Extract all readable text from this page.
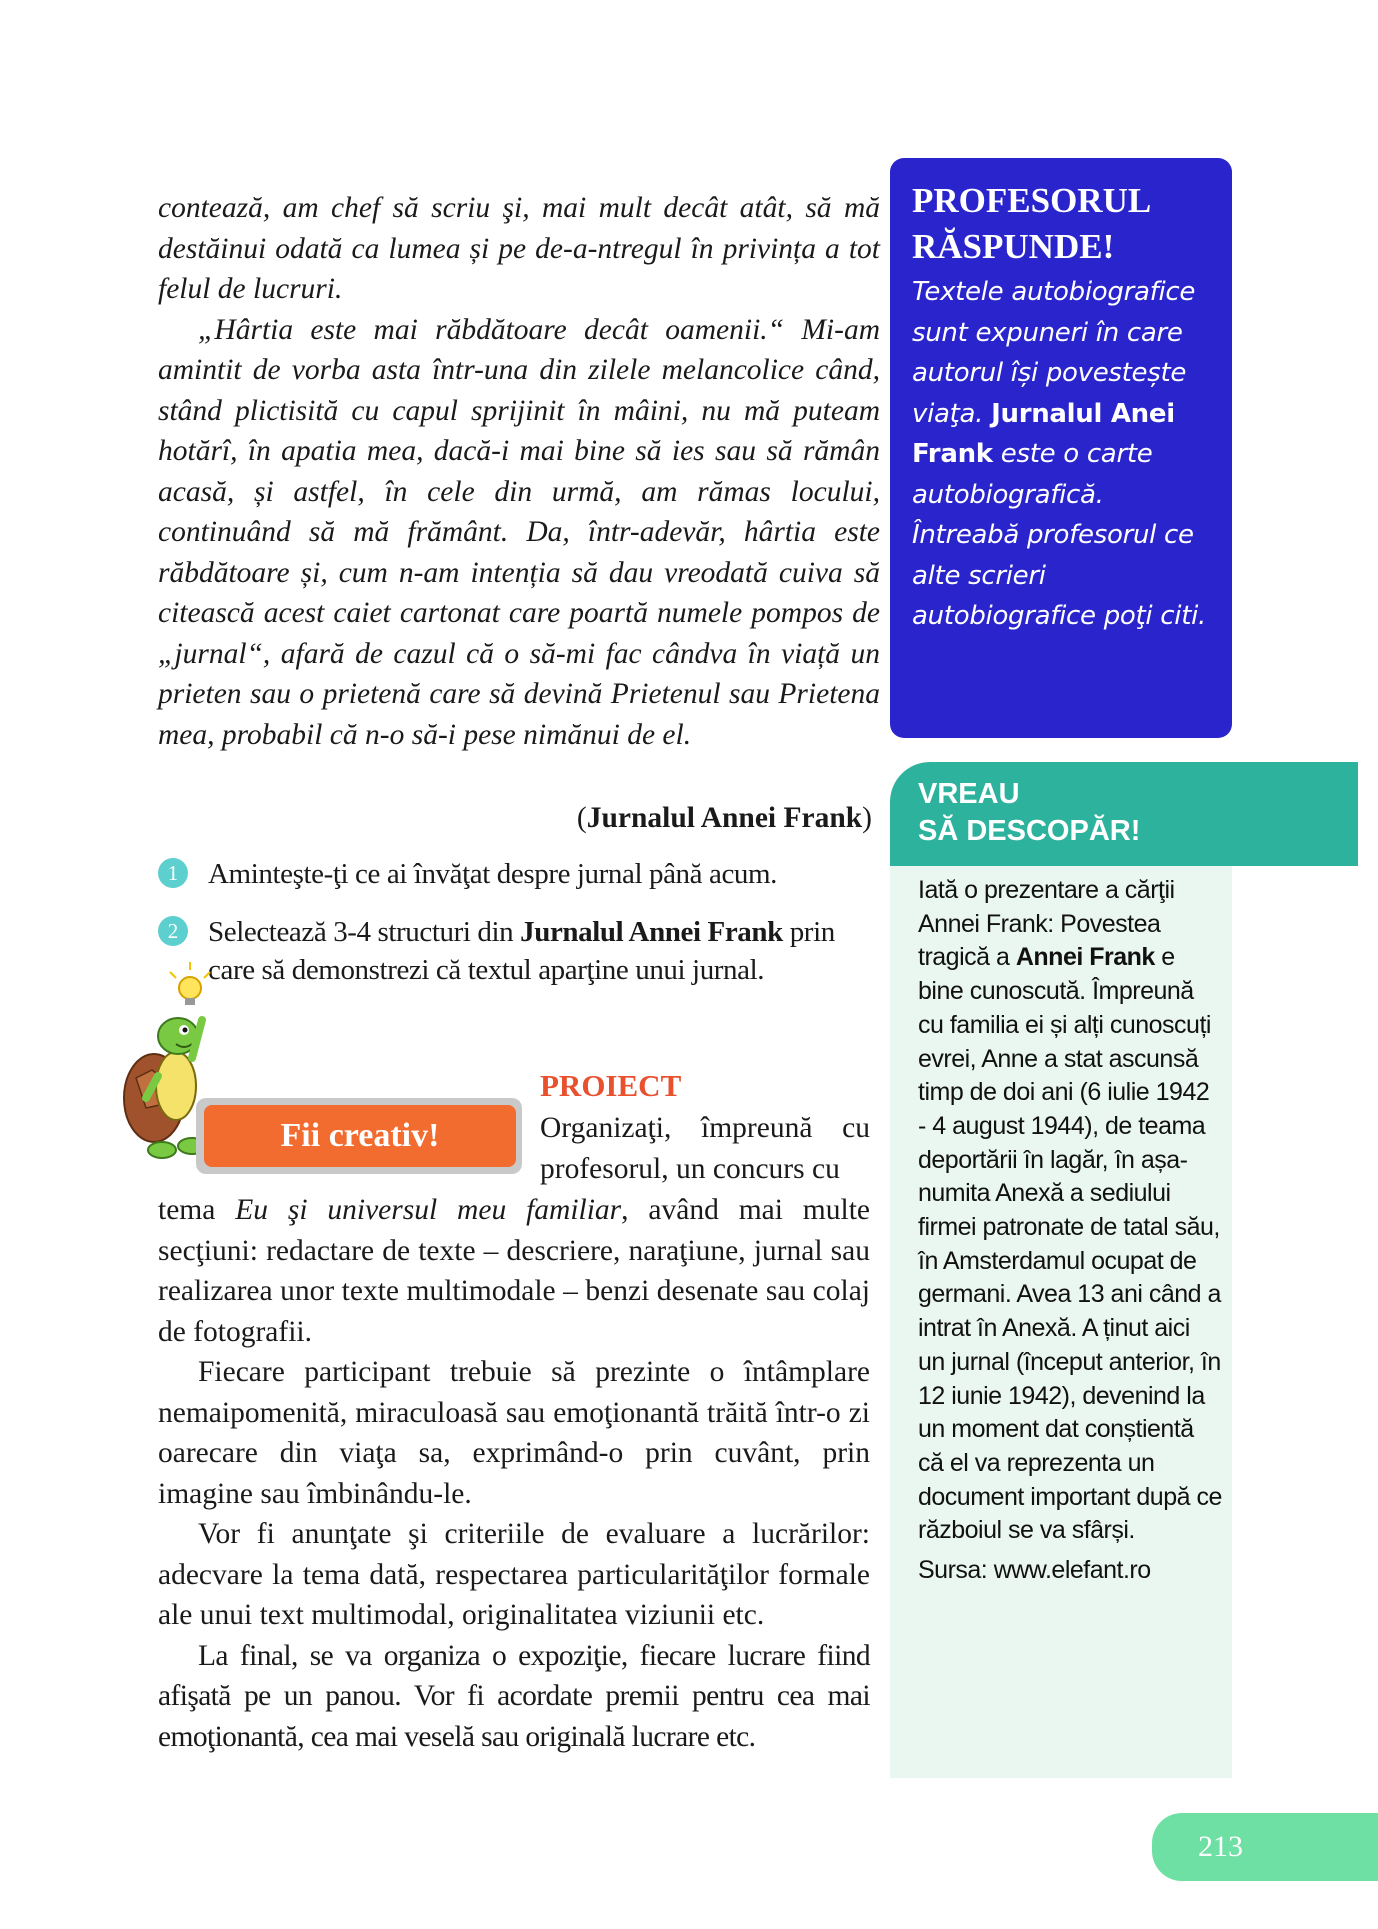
contează, am chef să scriu şi, mai mult decât atât, să mă destăinui odată ca lumea și pe de-a-ntregul în privința a tot felul de lucruri.

„Hârtia este mai răbdătoare decât oamenii.“ Mi-am amintit de vorba asta într-una din zilele melancolice când, stând plictisită cu capul sprijinit în mâini, nu mă puteam hotărî, în apatia mea, dacă-i mai bine să ies sau să rămân acasă, și astfel, în cele din urmă, am rămas locului, continuând să mă frământ. Da, într-adevăr, hârtia este răbdătoare și, cum n-am intenția să dau vreodată cuiva să citească acest caiet cartonat care poartă numele pompos de „jurnal“, afară de cazul că o să-mi fac cândva în viață un prieten sau o prietenă care să devină Prietenul sau Prietena mea, probabil că n-o să-i pese nimănui de el.

(Jurnalul Annei Frank)
1	Aminteşte-ţi ce ai învăţat despre jurnal până acum.
2	Selectează 3-4 structuri din Jurnalul Annei Frank prin care să demonstrezi că textul aparţine unui jurnal.
Fii creativ!
PROIECT

Organizaţi, împreună cu profesorul, un concurs cu

tema Eu şi universul meu familiar, având mai multe secţiuni: redactare de texte – descriere, naraţiune, jurnal sau realizarea unor texte multimodale – benzi desenate sau colaj de fotografii.

Fiecare participant trebuie să prezinte o întâmplare nemaipomenită, miraculoasă sau emoţionantă trăită într-o zi oarecare din viaţa sa, exprimând-o prin cuvânt, prin imagine sau îmbinându-le.

Vor fi anunţate şi criteriile de evaluare a lucrărilor: adecvare la tema dată, respectarea particularităţilor formale ale unui text multimodal, originalitatea viziunii etc.

La final, se va organiza o expoziţie, fiecare lucrare fiind afişată pe un panou. Vor fi acordate premii pentru cea mai emoţionantă, cea mai veselă sau originală lucrare etc.

PROFESORUL
RĂSPUNDE!
Textele autobiografice sunt expuneri în care autorul își povestește viaţa. Jurnalul Anei Frank este o carte autobiografică. Întreabă profesorul ce alte scrieri autobiografice poţi citi.
VREAU
SĂ DESCOPĂR!
Iată o prezentare a cărţii Annei Frank: Povestea tragică a Annei Frank e bine cunoscută. Împreună cu familia ei și alți cunoscuți evrei, Anne a stat ascunsă timp de doi ani (6 iulie 1942 - 4 august 1944), de teama deportării în lagăr, în așa-numita Anexă a sediului firmei patronate de tatal său, în Amsterdamul ocupat de germani. Avea 13 ani când a intrat în Anexă. A ținut aici un jurnal (început anterior, în 12 iunie 1942), devenind la un moment dat conștientă că el va reprezenta un document important după ce războiul se va sfârși.
Sursa: www.elefant.ro
213
